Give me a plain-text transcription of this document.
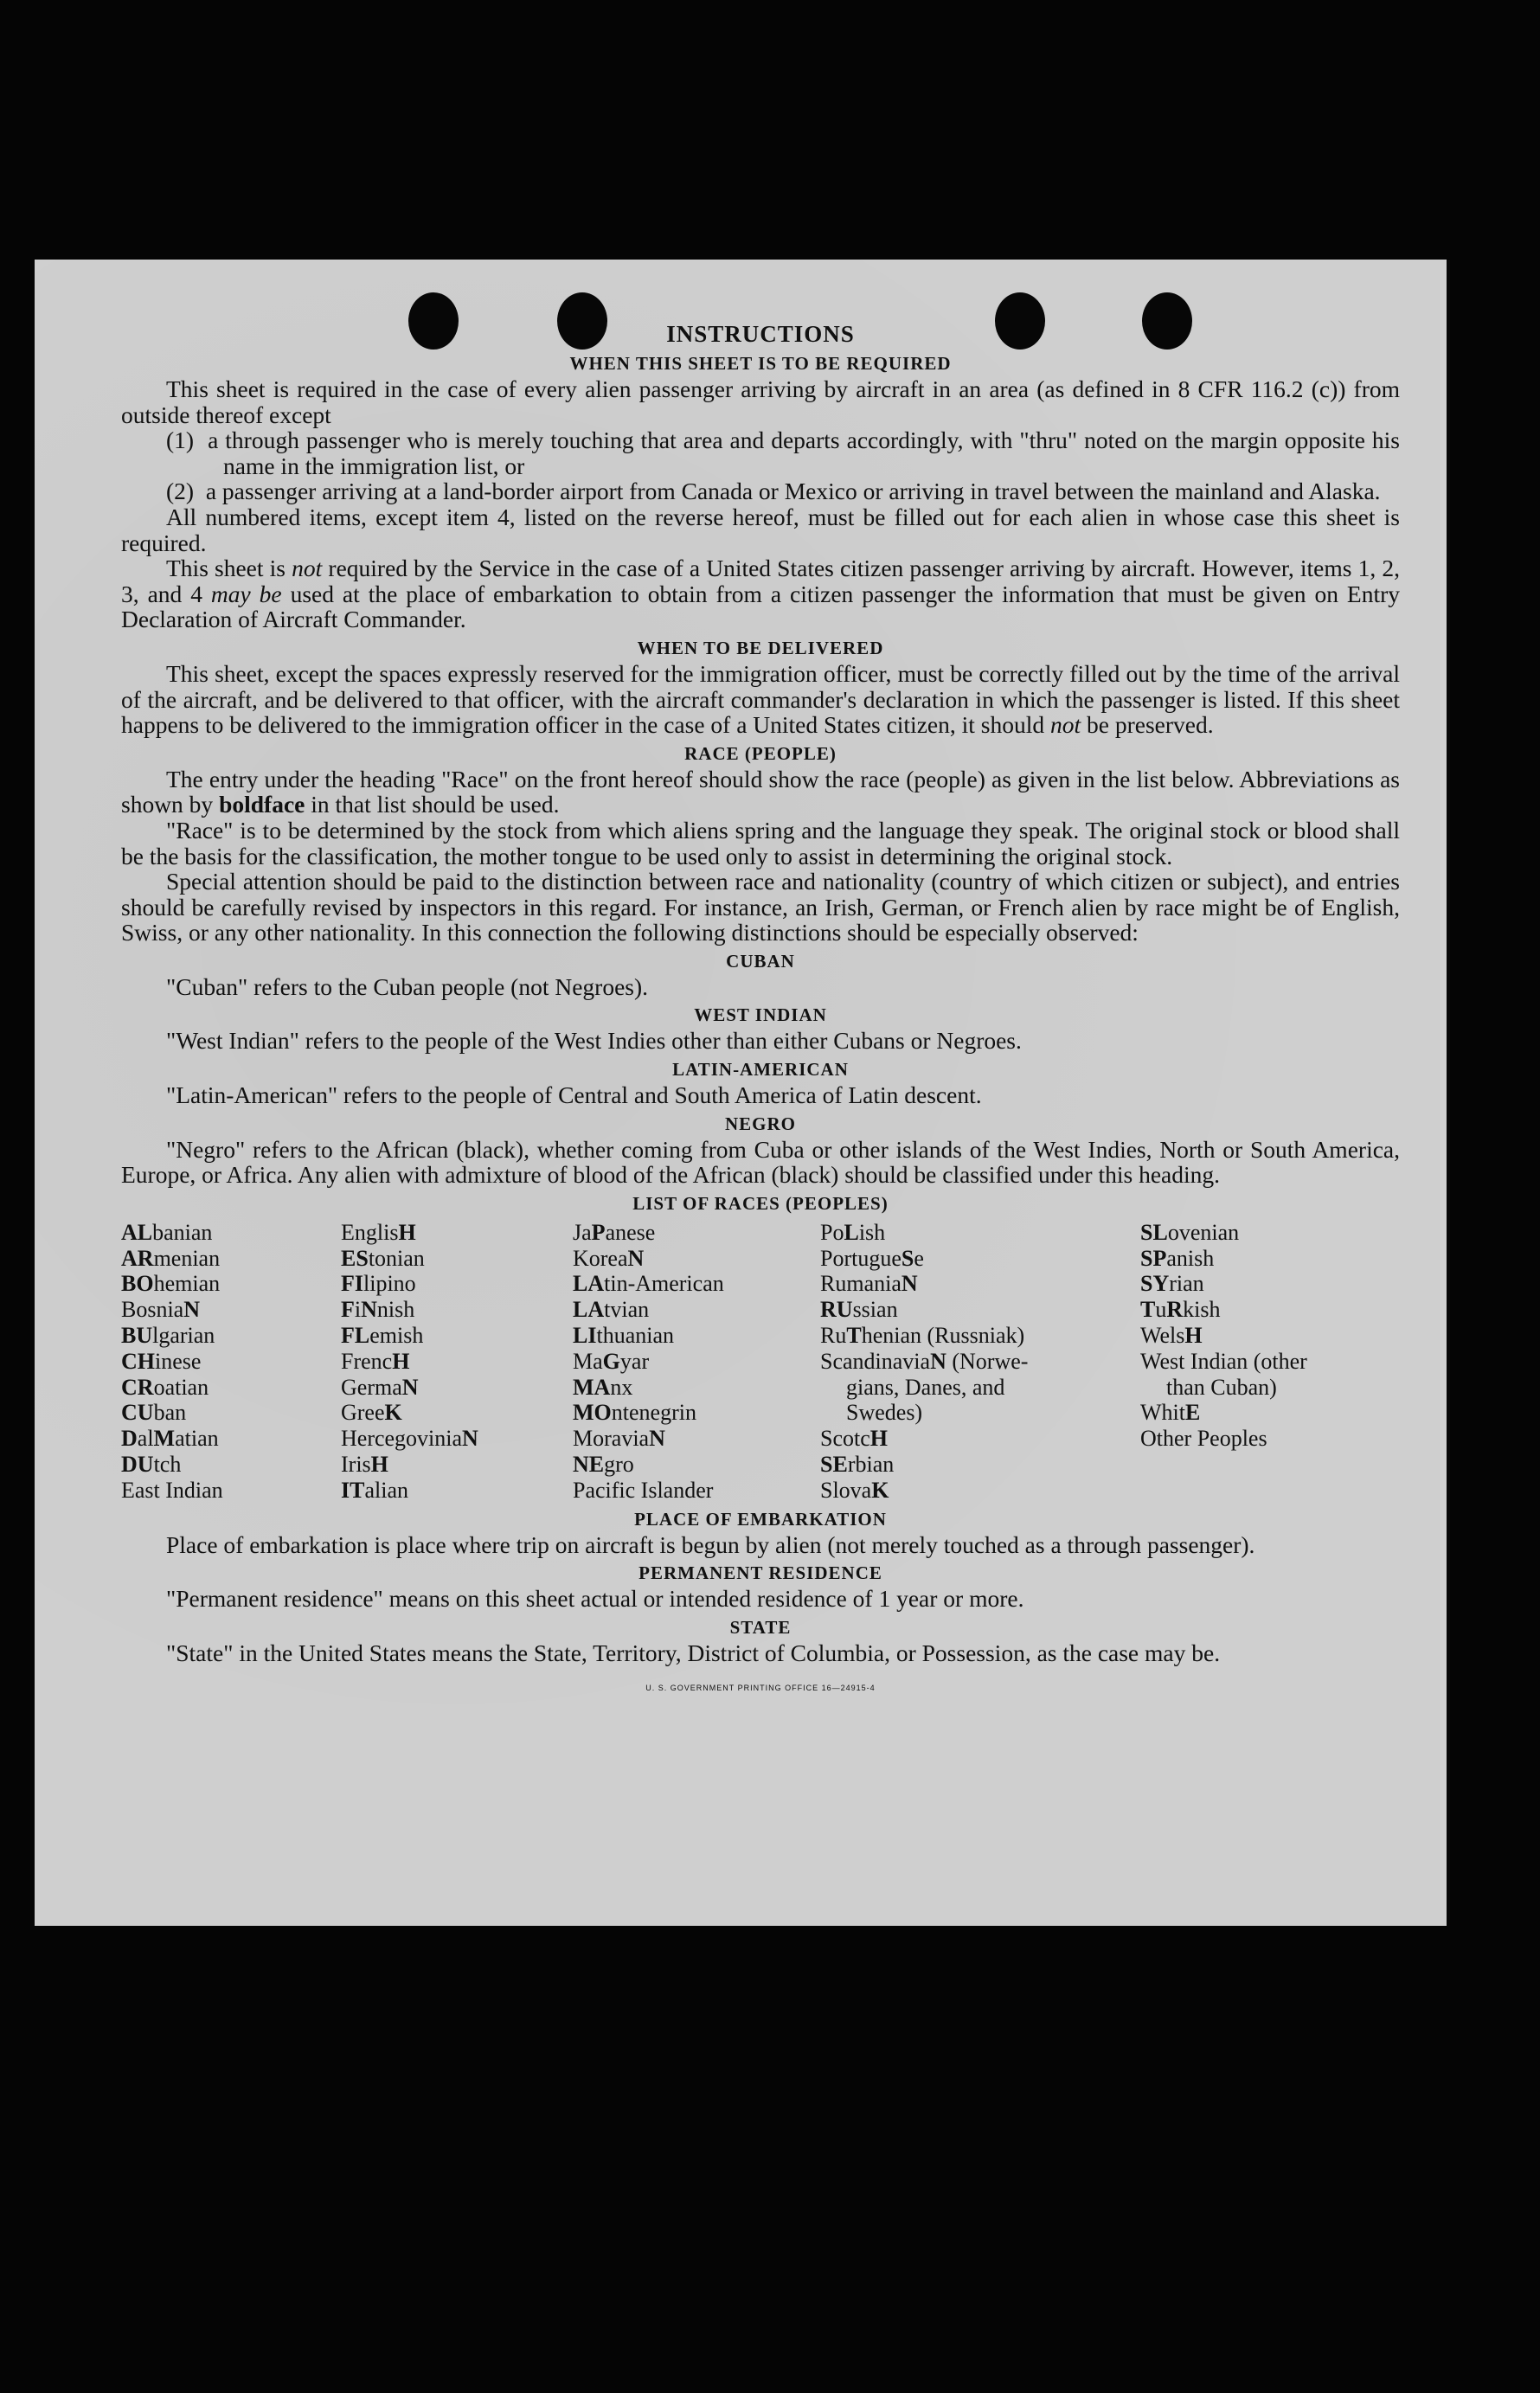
INSTRUCTIONS
WHEN THIS SHEET IS TO BE REQUIRED

This sheet is required in the case of every alien passenger arriving by aircraft in an area (as defined in 8 CFR 116.2 (c)) from outside thereof except

(1) a through passenger who is merely touching that area and departs accordingly, with "thru" noted on the margin opposite his name in the immigration list, or

(2) a passenger arriving at a land-border airport from Canada or Mexico or arriving in travel between the mainland and Alaska.

All numbered items, except item 4, listed on the reverse hereof, must be filled out for each alien in whose case this sheet is required.

This sheet is not required by the Service in the case of a United States citizen passenger arriving by aircraft. However, items 1, 2, 3, and 4 may be used at the place of embarkation to obtain from a citizen passenger the information that must be given on Entry Declaration of Aircraft Commander.

WHEN TO BE DELIVERED

This sheet, except the spaces expressly reserved for the immigration officer, must be correctly filled out by the time of the arrival of the aircraft, and be delivered to that officer, with the aircraft commander's declaration in which the passenger is listed. If this sheet happens to be delivered to the immigration officer in the case of a United States citizen, it should not be preserved.

RACE (PEOPLE)

The entry under the heading "Race" on the front hereof should show the race (people) as given in the list below. Abbreviations as shown by boldface in that list should be used.

"Race" is to be determined by the stock from which aliens spring and the language they speak. The original stock or blood shall be the basis for the classification, the mother tongue to be used only to assist in determining the original stock.

Special attention should be paid to the distinction between race and nationality (country of which citizen or subject), and entries should be carefully revised by inspectors in this regard. For instance, an Irish, German, or French alien by race might be of English, Swiss, or any other nationality. In this connection the following distinctions should be especially observed:

CUBAN

"Cuban" refers to the Cuban people (not Negroes).

WEST INDIAN

"West Indian" refers to the people of the West Indies other than either Cubans or Negroes.

LATIN-AMERICAN

"Latin-American" refers to the people of Central and South America of Latin descent.

NEGRO

"Negro" refers to the African (black), whether coming from Cuba or other islands of the West Indies, North or South America, Europe, or Africa. Any alien with admixture of blood of the African (black) should be classified under this heading.

LIST OF RACES (PEOPLES)
ALbanian
ARmenian
BOhemian
BosniaN
BUlgarian
CHinese
CRoatian
CUban
DalMatian
DUtch
East Indian
EnglisH
EStonian
FIlipino
FiNnish
FLemish
FrencH
GermaN
GreeK
HercegoviniaN
IrisH
ITalian
JaPanese
KoreaN
LAtin-American
LAtvian
LIthuanian
MaGyar
MAnx
MOntenegrin
MoraviaN
NEgro
Pacific Islander
PoLish
PortugueSe
RumaniaN
RUssian
RuThenian (Russniak)
ScandinaviaN (Norwe-
gians, Danes, and
Swedes)
ScotcH
SErbian
SlovaK
SLovenian
SPanish
SYrian
TuRkish
WelsH
West Indian (other
than Cuban)
WhitE
Other Peoples
PLACE OF EMBARKATION

Place of embarkation is place where trip on aircraft is begun by alien (not merely touched as a through passenger).

PERMANENT RESIDENCE

"Permanent residence" means on this sheet actual or intended residence of 1 year or more.

STATE

"State" in the United States means the State, Territory, District of Columbia, or Possession, as the case may be.

U. S. GOVERNMENT PRINTING OFFICE 16—24915-4
